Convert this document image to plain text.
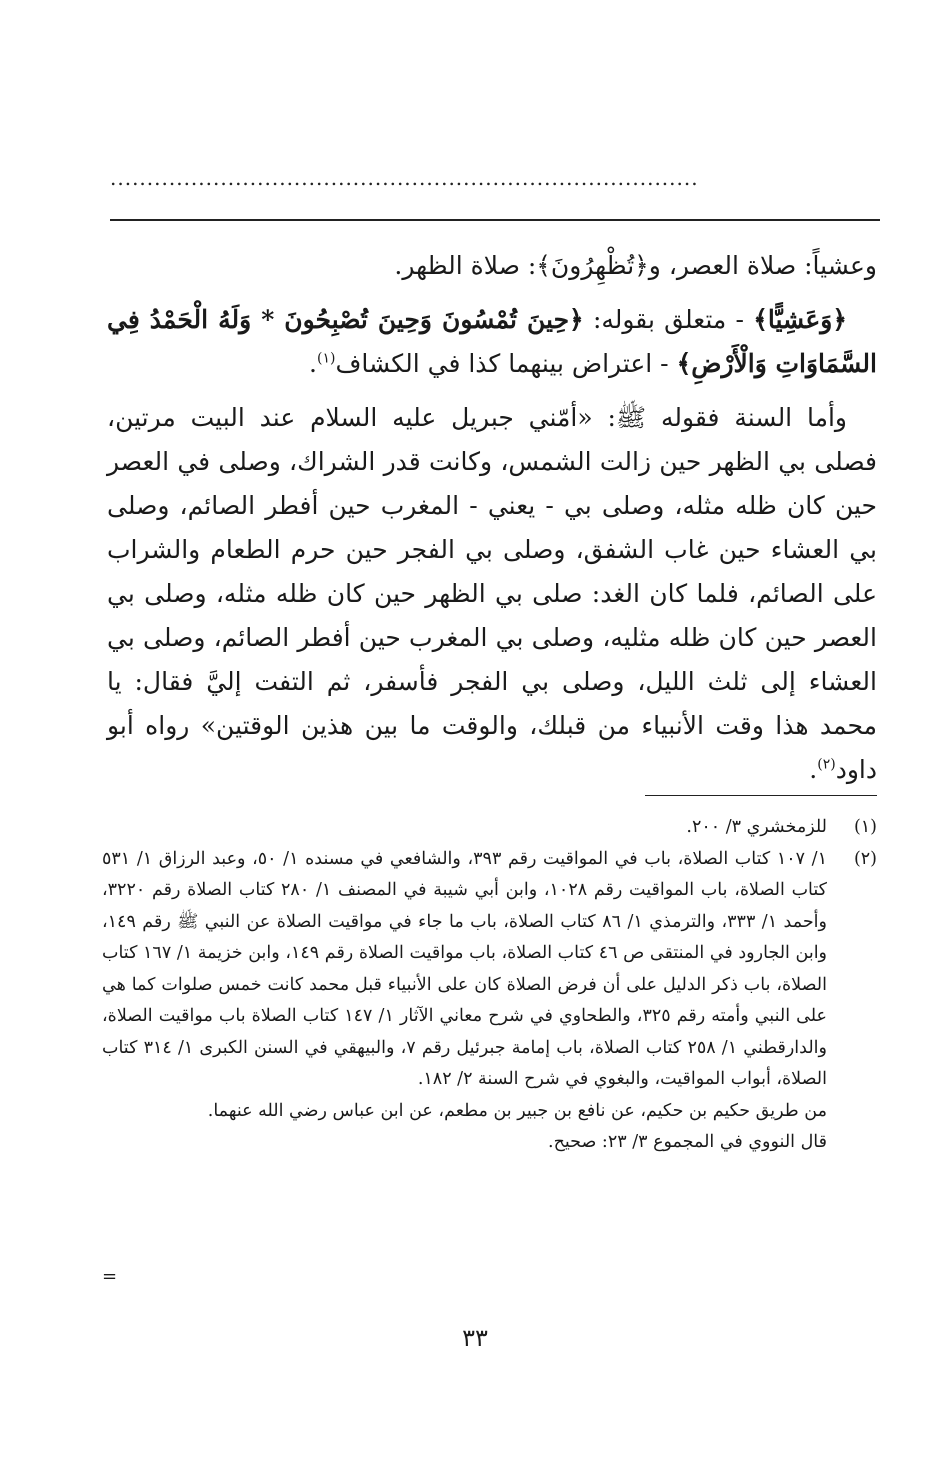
................................................................................

وعشياً: صلاة العصر، و﴿تُظْهِرُونَ﴾: صلاة الظهر.

﴿وَعَشِيًّا﴾ - متعلق بقوله: ﴿حِينَ تُمْسُونَ وَحِينَ تُصْبِحُونَ * وَلَهُ الْحَمْدُ فِي السَّمَاوَاتِ وَالْأَرْضِ﴾ - اعتراض بينهما كذا في الكشاف$^{(١)}$.

وأما السنة فقوله ﷺ: «أمّني جبريل عليه السلام عند البيت مرتين، فصلى بي الظهر حين زالت الشمس، وكانت قدر الشراك، وصلى في العصر حين كان ظله مثله، وصلى بي - يعني - المغرب حين أفطر الصائم، وصلى بي العشاء حين غاب الشفق، وصلى بي الفجر حين حرم الطعام والشراب على الصائم، فلما كان الغد: صلى بي الظهر حين كان ظله مثله، وصلى بي العصر حين كان ظله مثليه، وصلى بي المغرب حين أفطر الصائم، وصلى بي العشاء إلى ثلث الليل، وصلى بي الفجر فأسفر، ثم التفت إليَّ فقال: يا محمد هذا وقت الأنبياء من قبلك، والوقت ما بين هذين الوقتين» رواه أبو داود$^{(٢)}$.

(١)
للزمخشري ٣/ ٢٠٠.
(٢)
١/ ١٠٧ كتاب الصلاة، باب في المواقيت رقم ٣٩٣، والشافعي في مسنده ١/ ٥٠، وعبد الرزاق ١/ ٥٣١ كتاب الصلاة، باب المواقيت رقم ١٠٢٨، وابن أبي شيبة في المصنف ١/ ٢٨٠ كتاب الصلاة رقم ٣٢٢٠، وأحمد ١/ ٣٣٣، والترمذي ١/ ٨٦ كتاب الصلاة، باب ما جاء في مواقيت الصلاة عن النبي ﷺ رقم ١٤٩، وابن الجارود في المنتقى ص ٤٦ كتاب الصلاة، باب مواقيت الصلاة رقم ١٤٩، وابن خزيمة ١/ ١٦٧ كتاب الصلاة، باب ذكر الدليل على أن فرض الصلاة كان على الأنبياء قبل محمد كانت خمس صلوات كما هي على النبي وأمته رقم ٣٢٥، والطحاوي في شرح معاني الآثار ١/ ١٤٧ كتاب الصلاة باب مواقيت الصلاة، والدارقطني ١/ ٢٥٨ كتاب الصلاة، باب إمامة جبرئيل رقم ٧، والبيهقي في السنن الكبرى ١/ ٣١٤ كتاب الصلاة، أبواب المواقيت، والبغوي في شرح السنة ٢/ ١٨٢.

من طريق حكيم بن حكيم، عن نافع بن جبير بن مطعم، عن ابن عباس رضي الله عنهما.

قال النووي في المجموع ٣/ ٢٣: صحيح.

=
٣٣
